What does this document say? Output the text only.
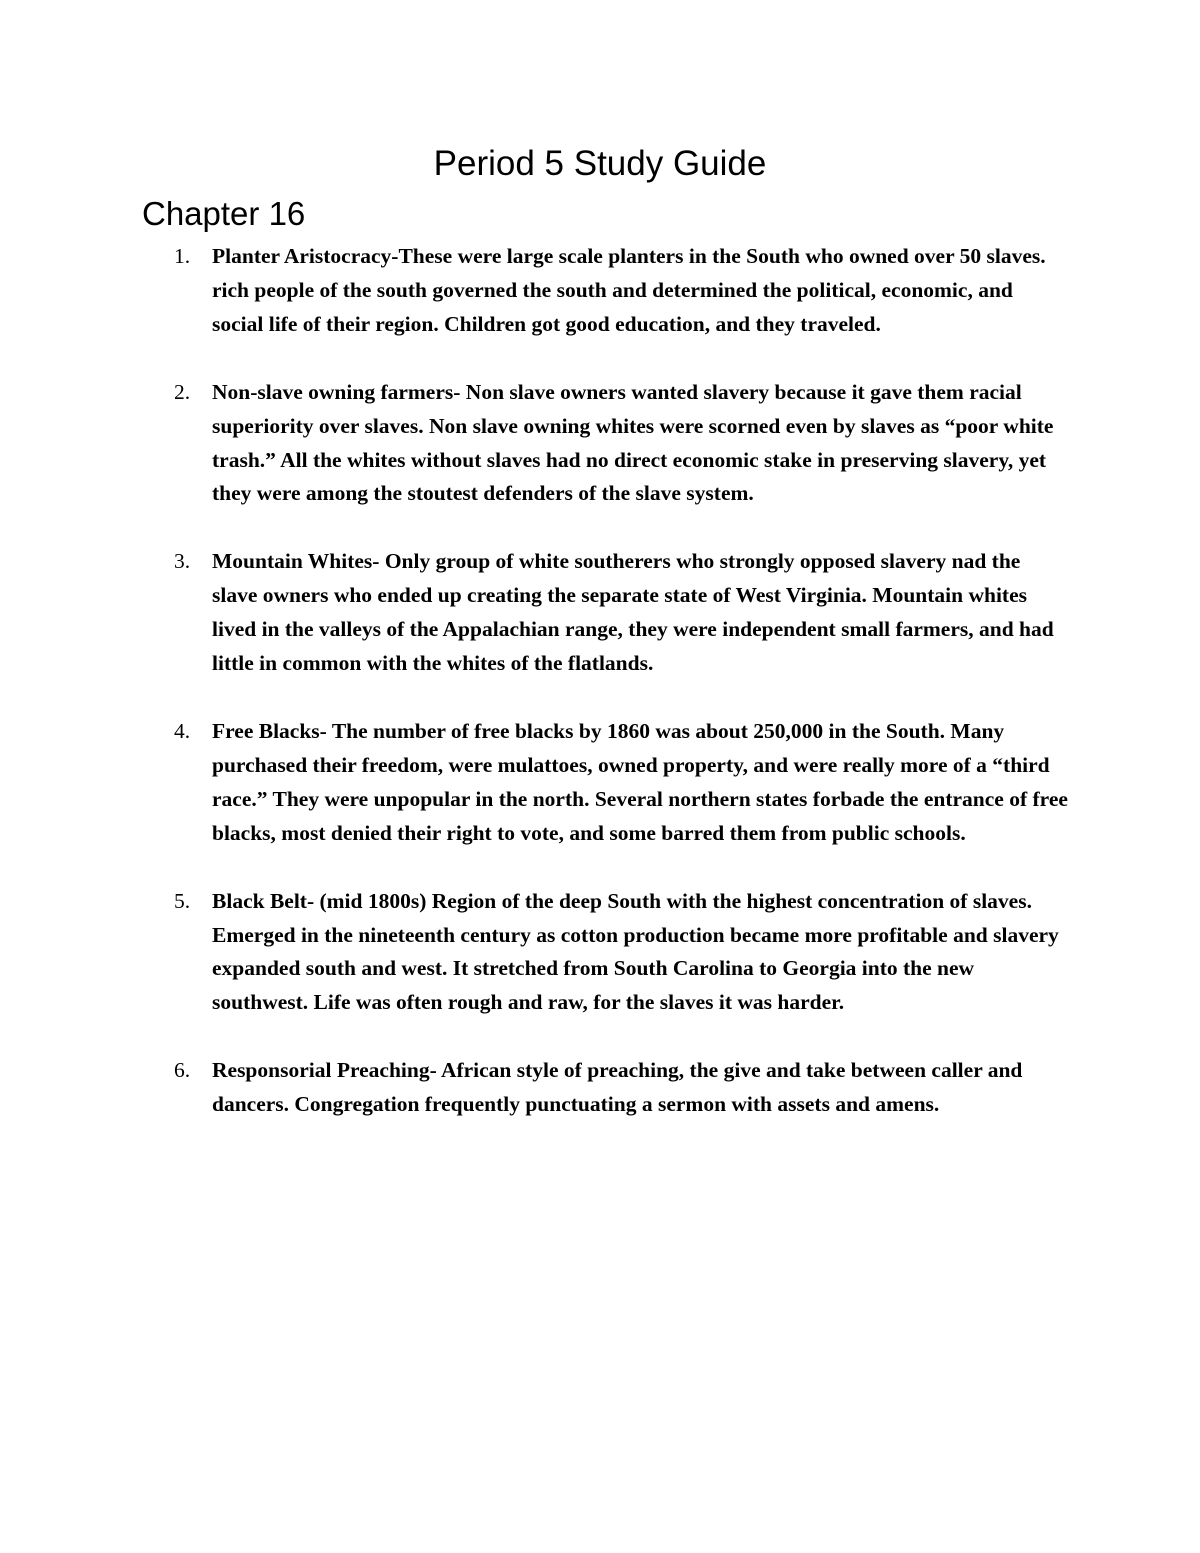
Period 5 Study Guide
Chapter 16
1. Planter Aristocracy-These were large scale planters in the South who owned over 50 slaves. rich people of the south governed the south and determined the political, economic, and social life of their region. Children got good education, and they traveled.
2. Non-slave owning farmers- Non slave owners wanted slavery because it gave them racial superiority over slaves. Non slave owning whites were scorned even by slaves as “poor white trash.” All the whites without slaves had no direct economic stake in preserving slavery, yet they were among the stoutest defenders of the slave system.
3. Mountain Whites- Only group of white southerers who strongly opposed slavery nad the slave owners who ended up creating the separate state of West Virginia. Mountain whites lived in the valleys of the Appalachian range, they were independent small farmers, and had little in common with the whites of the flatlands.
4. Free Blacks- The number of free blacks by 1860 was about 250,000 in the South. Many purchased their freedom, were mulattoes, owned property, and were really more of a “third race.” They were unpopular in the north. Several northern states forbade the entrance of free blacks, most denied their right to vote, and some barred them from public schools.
5. Black Belt- (mid 1800s) Region of the deep South with the highest concentration of slaves. Emerged in the nineteenth century as cotton production became more profitable and slavery expanded south and west. It stretched from South Carolina to Georgia into the new southwest. Life was often rough and raw, for the slaves it was harder.
6. Responsorial Preaching- African style of preaching, the give and take between caller and dancers. Congregation frequently punctuating a sermon with assets and amens.
